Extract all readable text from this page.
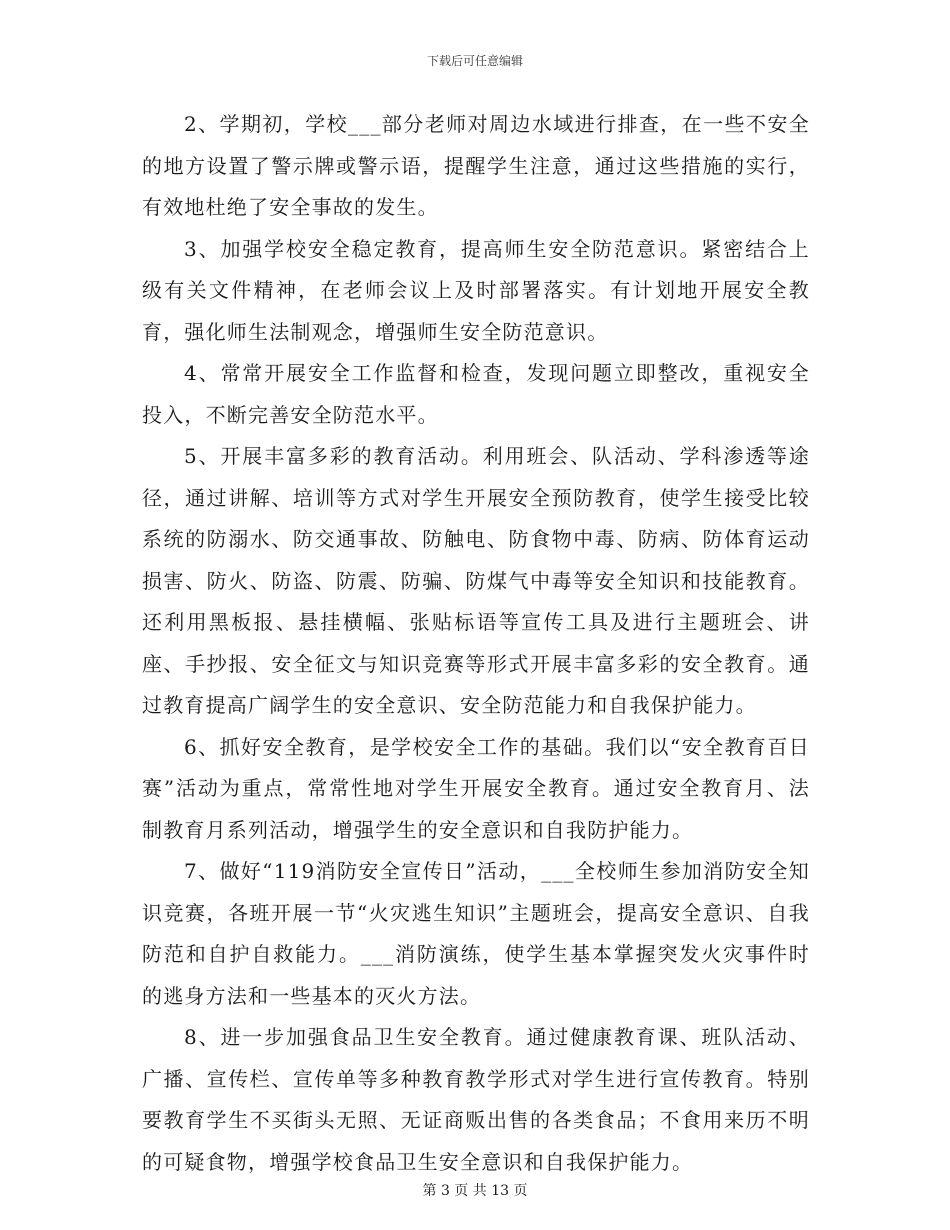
下载后可任意编辑

2、学期初，学校___部分老师对周边水域进行排查，在一些不安全的地方设置了警示牌或警示语，提醒学生注意，通过这些措施的实行，有效地杜绝了安全事故的发生。

3、加强学校安全稳定教育，提高师生安全防范意识。紧密结合上级有关文件精神，在老师会议上及时部署落实。有计划地开展安全教育，强化师生法制观念，增强师生安全防范意识。

4、常常开展安全工作监督和检查，发现问题立即整改，重视安全投入，不断完善安全防范水平。

5、开展丰富多彩的教育活动。利用班会、队活动、学科渗透等途径，通过讲解、培训等方式对学生开展安全预防教育，使学生接受比较系统的防溺水、防交通事故、防触电、防食物中毒、防病、防体育运动损害、防火、防盗、防震、防骗、防煤气中毒等安全知识和技能教育。还利用黑板报、悬挂横幅、张贴标语等宣传工具及进行主题班会、讲座、手抄报、安全征文与知识竞赛等形式开展丰富多彩的安全教育。通过教育提高广阔学生的安全意识、安全防范能力和自我保护能力。

6、抓好安全教育，是学校安全工作的基础。我们以“安全教育百日赛”活动为重点，常常性地对学生开展安全教育。通过安全教育月、法制教育月系列活动，增强学生的安全意识和自我防护能力。

7、做好“119消防安全宣传日”活动，___全校师生参加消防安全知识竞赛，各班开展一节“火灾逃生知识”主题班会，提高安全意识、自我防范和自护自救能力。___消防演练，使学生基本掌握突发火灾事件时的逃身方法和一些基本的灭火方法。

8、进一步加强食品卫生安全教育。通过健康教育课、班队活动、广播、宣传栏、宣传单等多种教育教学形式对学生进行宣传教育。特别要教育学生不买街头无照、无证商贩出售的各类食品；不食用来历不明的可疑食物，增强学校食品卫生安全意识和自我保护能力。

第 3 页 共 13 页
